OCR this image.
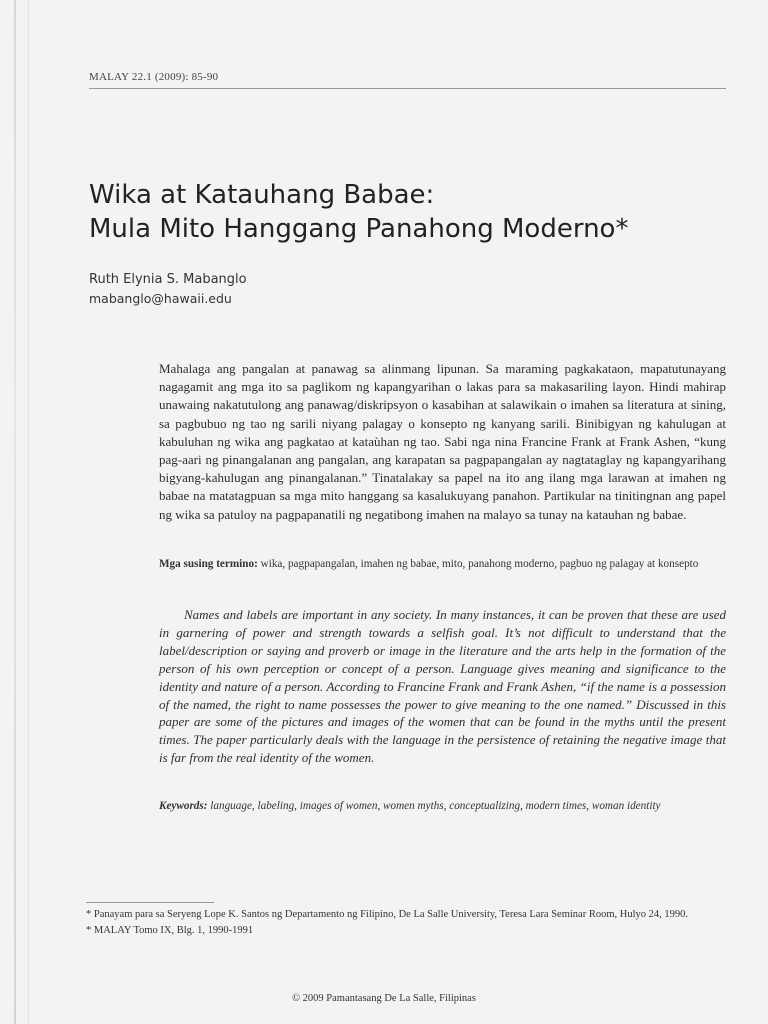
MALAY 22.1 (2009): 85-90
Wika at Katauhang Babae:
Mula Mito Hanggang Panahong Moderno*
Ruth Elynia S. Mabanglo
mabanglo@hawaii.edu

Mahalaga ang pangalan at panawag sa alinmang lipunan. Sa maraming pagkakataon, mapatutunayang nagagamit ang mga ito sa paglikom ng kapangyarihan o lakas para sa makasariling layon. Hindi mahirap unawaing nakatutulong ang panawag/diskripsyon o kasabihan at salawikain o imahen sa literatura at sining, sa pagbubuo ng tao ng sarili niyang palagay o konsepto ng kanyang sarili. Binibigyan ng kahulugan at kabuluhan ng wika ang pagkatao at kataùhan ng tao. Sabi nga nina Francine Frank at Frank Ashen, “kung pag-aari ng pinangalanan ang pangalan, ang karapatan sa pagpapangalan ay nagtataglay ng kapangyarihang bigyang-kahulugan ang pinangalanan.” Tinatalakay sa papel na ito ang ilang mga larawan at imahen ng babae na matatagpuan sa mga mito hanggang sa kasalukuyang panahon. Partikular na tinitingnan ang papel ng wika sa patuloy na pagpapanatili ng negatibong imahen na malayo sa tunay na katauhan ng babae.

Mga susing termino: wika, pagpapangalan, imahen ng babae, mito, panahong moderno, pagbuo ng palagay at konsepto

Names and labels are important in any society. In many instances, it can be proven that these are used in garnering of power and strength towards a selfish goal. It’s not difficult to understand that the label/description or saying and proverb or image in the literature and the arts help in the formation of the person of his own perception or concept of a person. Language gives meaning and significance to the identity and nature of a person. According to Francine Frank and Frank Ashen, “if the name is a possession of the named, the right to name possesses the power to give meaning to the one named.” Discussed in this paper are some of the pictures and images of the women that can be found in the myths until the present times. The paper particularly deals with the language in the persistence of retaining the negative image that is far from the real identity of the women.

Keywords: language, labeling, images of women, women myths, conceptualizing, modern times, woman identity

* Panayam para sa Seryeng Lope K. Santos ng Departamento ng Filipino, De La Salle University, Teresa Lara Seminar Room, Hulyo 24, 1990.
* MALAY Tomo IX, Blg. 1, 1990-1991
© 2009 Pamantasang De La Salle, Filipinas
